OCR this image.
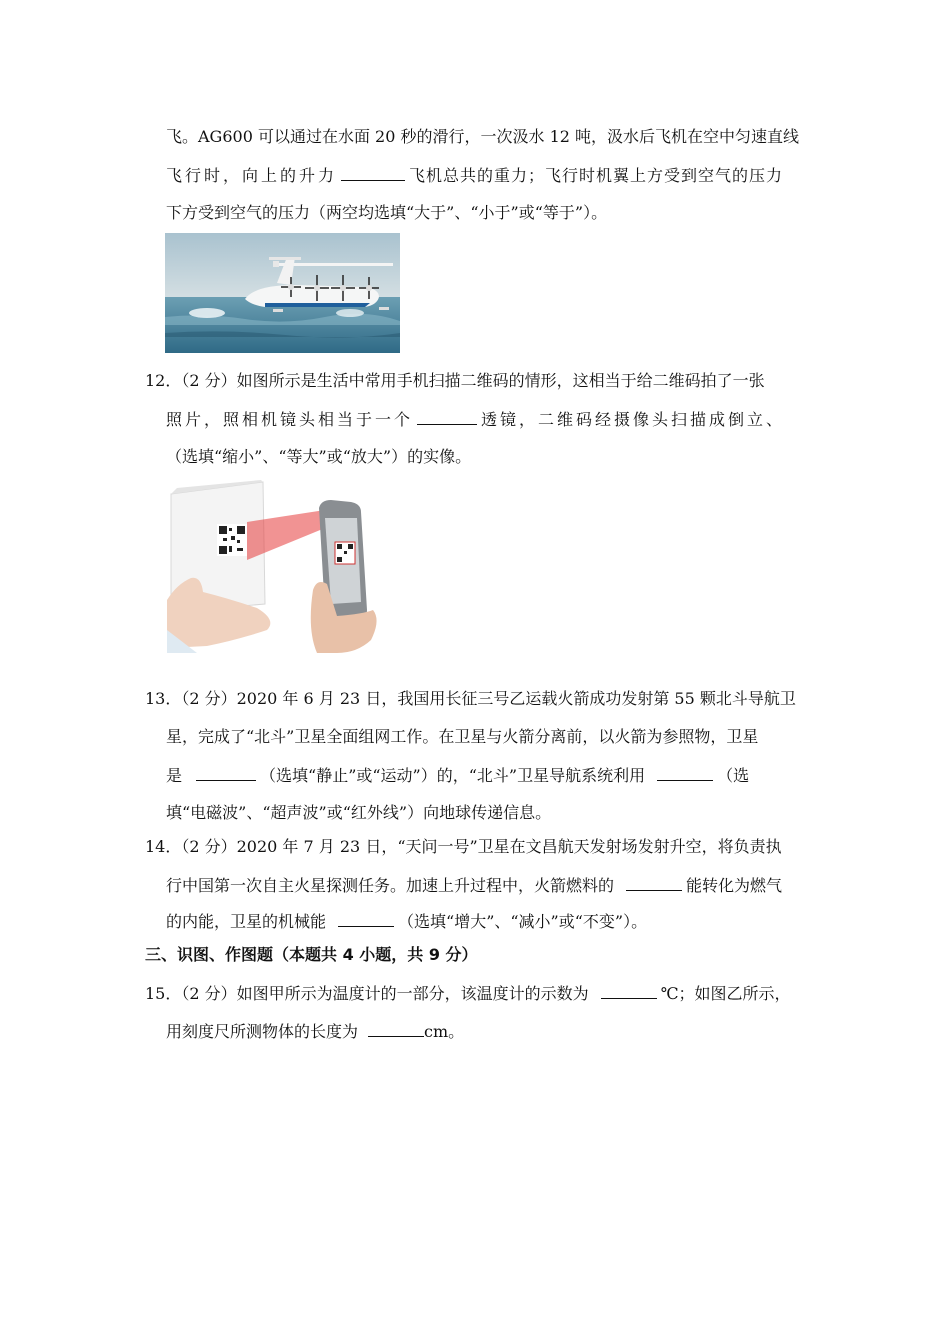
飞。AG600 可以通过在水面 20 秒的滑行，一次汲水 12 吨，汲水后飞机在空中匀速直线
飞行时，向上的升力	飞机总共的重力；飞行时机翼上方受到空气的压力
下方受到空气的压力（两空均选填“大于”、“小于”或“等于”）。
12．（2 分）如图所示是生活中常用手机扫描二维码的情形，这相当于给二维码拍了一张
照片，照相机镜头相当于一个	透镜，二维码经摄像头扫描成倒立、
（选填“缩小”、“等大”或“放大”）的实像。
13．（2 分）2020 年 6 月 23 日，我国用长征三号乙运载火箭成功发射第 55 颗北斗导航卫
星，完成了“北斗”卫星全面组网工作。在卫星与火箭分离前，以火箭为参照物，卫星
是	（选填“静止”或“运动”）的，“北斗”卫星导航系统利用	（选
填“电磁波”、“超声波”或“红外线”）向地球传递信息。
14．（2 分）2020 年 7 月 23 日，“天问一号”卫星在文昌航天发射场发射升空，将负责执
行中国第一次自主火星探测任务。加速上升过程中，火箭燃料的	能转化为燃气
的内能，卫星的机械能	（选填“增大”、“减小”或“不变”）。
三、识图、作图题（本题共 4 小题，共 9 分）
15．（2 分）如图甲所示为温度计的一部分，该温度计的示数为	℃；如图乙所示，
用刻度尺所测物体的长度为	cm。
